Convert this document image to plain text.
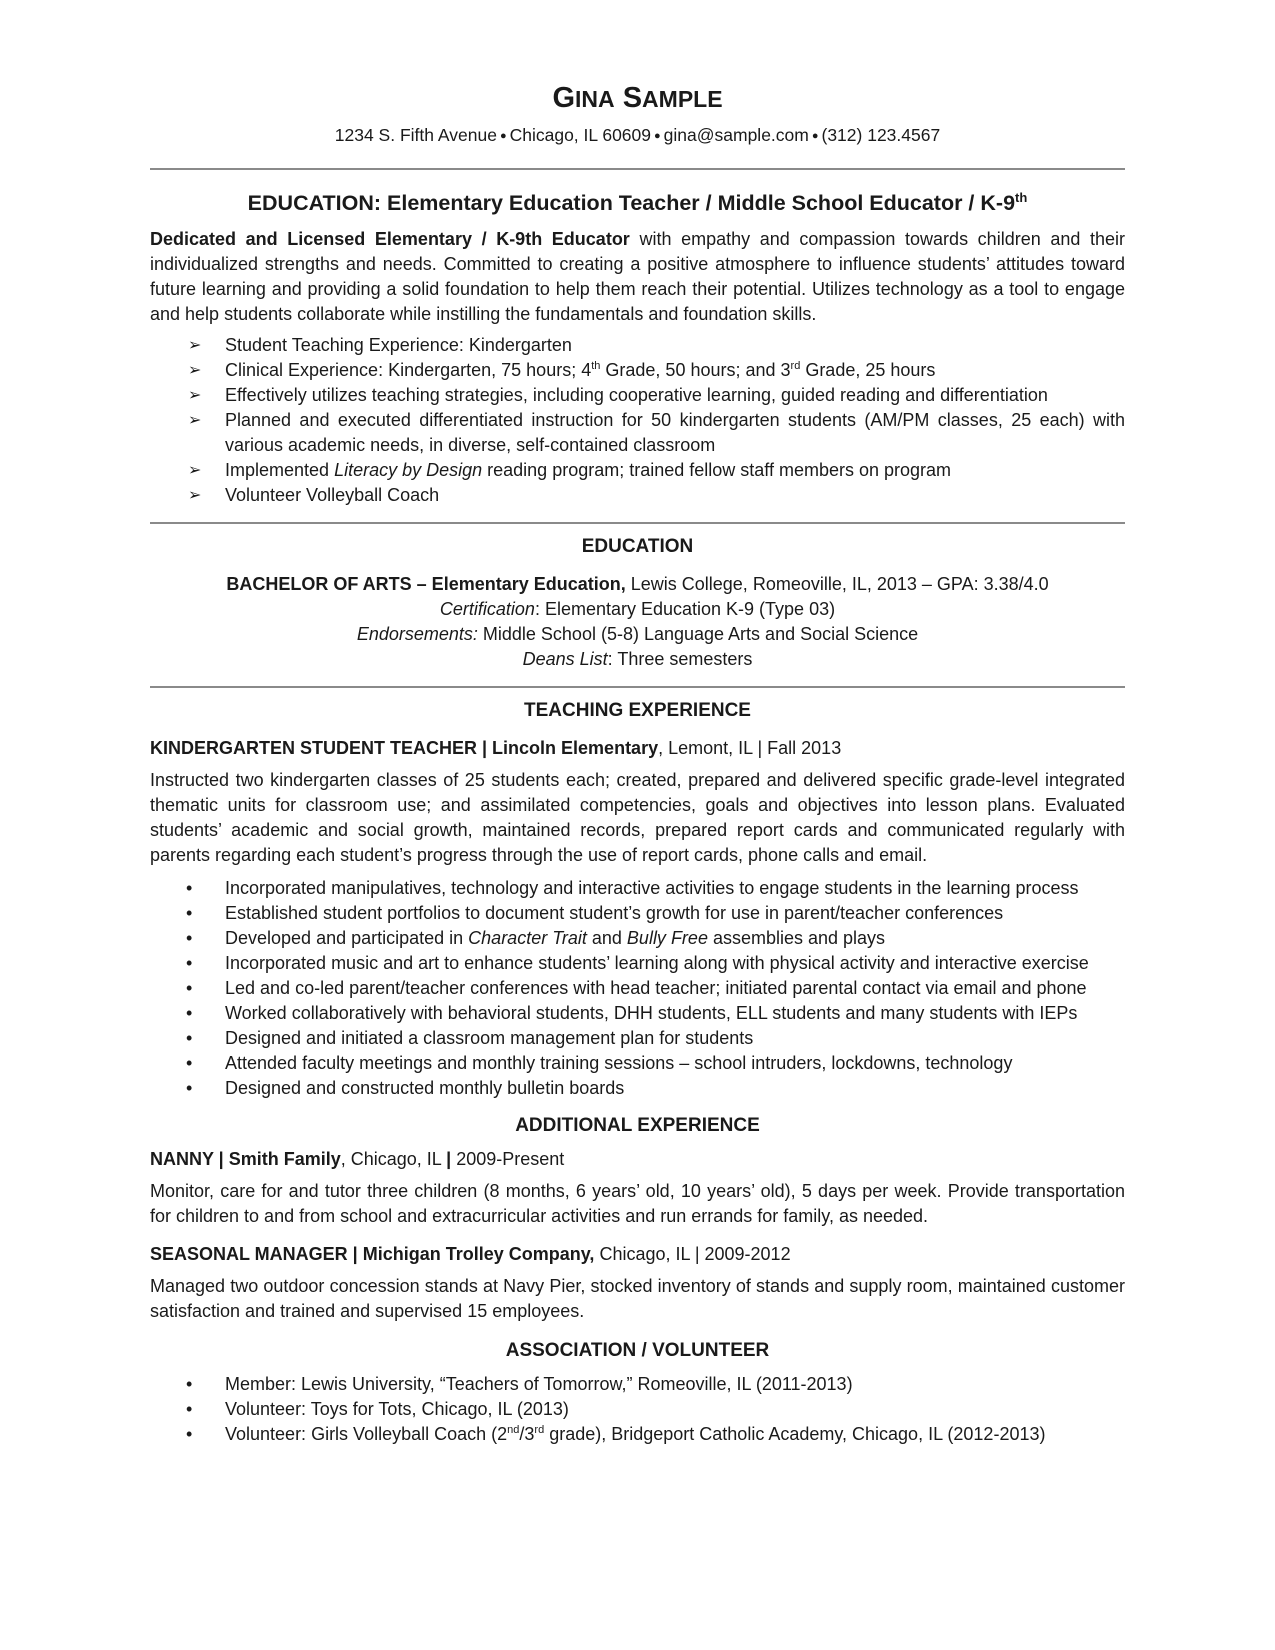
GINA SAMPLE
1234 S. Fifth Avenue ● Chicago, IL 60609 ● gina@sample.com ● (312) 123.4567
EDUCATION: Elementary Education Teacher / Middle School Educator / K-9th

Dedicated and Licensed Elementary / K-9th Educator with empathy and compassion towards children and their individualized strengths and needs. Committed to creating a positive atmosphere to influence students’ attitudes toward future learning and providing a solid foundation to help them reach their potential. Utilizes technology as a tool to engage and help students collaborate while instilling the fundamentals and foundation skills.

➢ Student Teaching Experience: Kindergarten
➢ Clinical Experience: Kindergarten, 75 hours; 4th Grade, 50 hours; and 3rd Grade, 25 hours
➢ Effectively utilizes teaching strategies, including cooperative learning, guided reading and differentiation
➢ Planned and executed differentiated instruction for 50 kindergarten students (AM/PM classes, 25 each) with various academic needs, in diverse, self-contained classroom
➢ Implemented Literacy by Design reading program; trained fellow staff members on program
➢ Volunteer Volleyball Coach
EDUCATION
BACHELOR OF ARTS – Elementary Education, Lewis College, Romeoville, IL, 2013 – GPA: 3.38/4.0
Certification: Elementary Education K-9 (Type 03)
Endorsements: Middle School (5-8) Language Arts and Social Science
Deans List: Three semesters
TEACHING EXPERIENCE
KINDERGARTEN STUDENT TEACHER | Lincoln Elementary, Lemont, IL | Fall 2013

Instructed two kindergarten classes of 25 students each; created, prepared and delivered specific grade-level integrated thematic units for classroom use; and assimilated competencies, goals and objectives into lesson plans. Evaluated students’ academic and social growth, maintained records, prepared report cards and communicated regularly with parents regarding each student’s progress through the use of report cards, phone calls and email.

• Incorporated manipulatives, technology and interactive activities to engage students in the learning process
• Established student portfolios to document student’s growth for use in parent/teacher conferences
• Developed and participated in Character Trait and Bully Free assemblies and plays
• Incorporated music and art to enhance students’ learning along with physical activity and interactive exercise
• Led and co-led parent/teacher conferences with head teacher; initiated parental contact via email and phone
• Worked collaboratively with behavioral students, DHH students, ELL students and many students with IEPs
• Designed and initiated a classroom management plan for students
• Attended faculty meetings and monthly training sessions – school intruders, lockdowns, technology
• Designed and constructed monthly bulletin boards
ADDITIONAL EXPERIENCE
NANNY | Smith Family, Chicago, IL | 2009-Present

Monitor, care for and tutor three children (8 months, 6 years’ old, 10 years’ old), 5 days per week. Provide transportation for children to and from school and extracurricular activities and run errands for family, as needed.

SEASONAL MANAGER | Michigan Trolley Company, Chicago, IL | 2009-2012

Managed two outdoor concession stands at Navy Pier, stocked inventory of stands and supply room, maintained customer satisfaction and trained and supervised 15 employees.

ASSOCIATION / VOLUNTEER
• Member: Lewis University, “Teachers of Tomorrow,” Romeoville, IL (2011-2013)
• Volunteer: Toys for Tots, Chicago, IL (2013)
• Volunteer: Girls Volleyball Coach (2nd/3rd grade), Bridgeport Catholic Academy, Chicago, IL (2012-2013)
